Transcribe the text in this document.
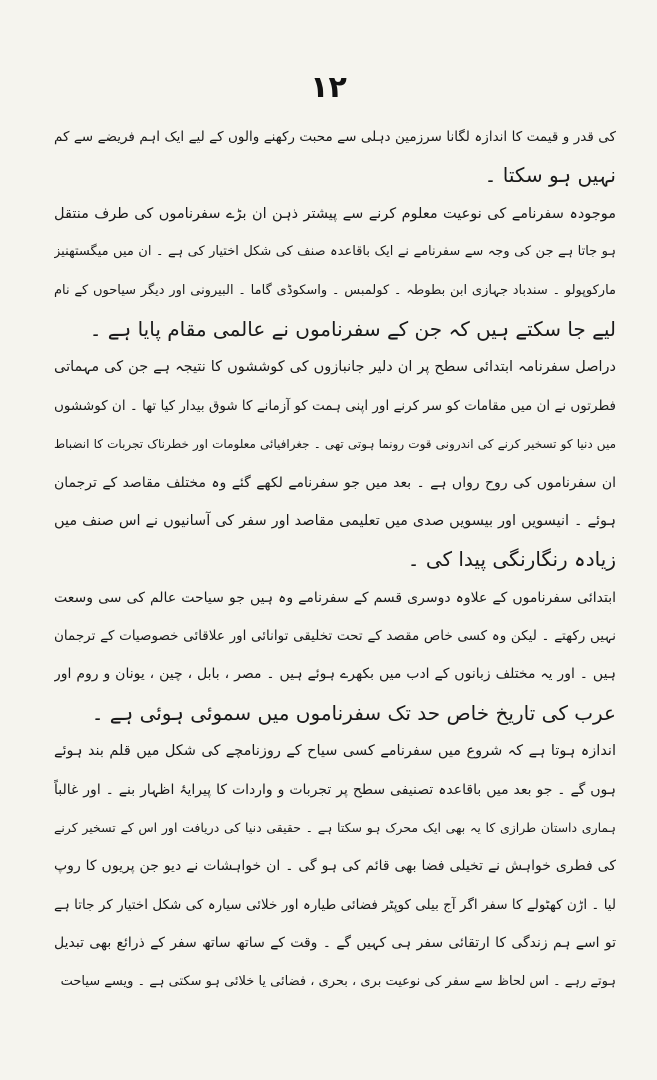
۱۲
کی قدر و قیمت کا اندازہ لگانا سرزمین دہلی سے محبت رکھنے والوں کے لیے ایک اہم فریضے سے کم
نہیں ہو سکتا ۔
موجودہ سفرنامے کی نوعیت معلوم کرنے سے پیشتر ذہن ان بڑے سفرناموں کی طرف منتقل
ہو جاتا ہے جن کی وجہ سے سفرنامے نے ایک باقاعدہ صنف کی شکل اختیار کی ہے ۔ ان میں میگستھنیز
مارکوپولو ۔ سندباد جہازی ابن بطوطہ ۔ کولمبس ۔ واسکوڈی گاما ۔ البیرونی اور دیگر سیاحوں کے نام
لیے جا سکتے ہیں کہ جن کے سفرناموں نے عالمی مقام پایا ہے ۔
دراصل سفرنامہ ابتدائی سطح پر ان دلیر جانبازوں کی کوششوں کا نتیجہ ہے جن کی مہماتی
فطرتوں نے ان میں مقامات کو سر کرنے اور اپنی ہمت کو آزمانے کا شوق بیدار کیا تھا ۔ ان کوششوں
میں دنیا کو تسخیر کرنے کی اندرونی قوت رونما ہوتی تھی ۔ جغرافیائی معلومات اور خطرناک تجربات کا انضباط
ان سفرناموں کی روح رواں ہے ۔ بعد میں جو سفرنامے لکھے گئے وہ مختلف مقاصد کے ترجمان
ہوئے ۔ انیسویں اور بیسویں صدی میں تعلیمی مقاصد اور سفر کی آسانیوں نے اس صنف میں
زیادہ رنگارنگی پیدا کی ۔
ابتدائی سفرناموں کے علاوہ دوسری قسم کے سفرنامے وہ ہیں جو سیاحت عالم کی سی وسعت
نہیں رکھتے ۔ لیکن وہ کسی خاص مقصد کے تحت تخلیقی توانائی اور علاقائی خصوصیات کے ترجمان
ہیں ۔ اور یہ مختلف زبانوں کے ادب میں بکھرے ہوئے ہیں ۔ مصر ، بابل ، چین ، یونان و روم اور
عرب کی تاریخ خاص حد تک سفرناموں میں سموئی ہوئی ہے ۔
اندازہ ہوتا ہے کہ شروع میں سفرنامے کسی سیاح کے روزنامچے کی شکل میں قلم بند ہوئے
ہوں گے ۔ جو بعد میں باقاعدہ تصنیفی سطح پر تجربات و واردات کا پیرایۂ اظہار بنے ۔ اور غالباً
ہماری داستان طرازی کا یہ بھی ایک محرک ہو سکتا ہے ۔ حقیقی دنیا کی دریافت اور اس کے تسخیر کرنے
کی فطری خواہش نے تخیلی فضا بھی قائم کی ہو گی ۔ ان خواہشات نے دیو جن پریوں کا روپ
لیا ۔ اڑن کھٹولے کا سفر اگر آج بیلی کوپٹر فضائی طیارہ اور خلائی سیارہ کی شکل اختیار کر جاتا ہے
تو اسے ہم زندگی کا ارتقائی سفر ہی کہیں گے ۔ وقت کے ساتھ ساتھ سفر کے ذرائع بھی تبدیل
ہوتے رہے ۔ اس لحاظ سے سفر کی نوعیت بری ، بحری ، فضائی یا خلائی ہو سکتی ہے ۔ ویسے سیاحت
